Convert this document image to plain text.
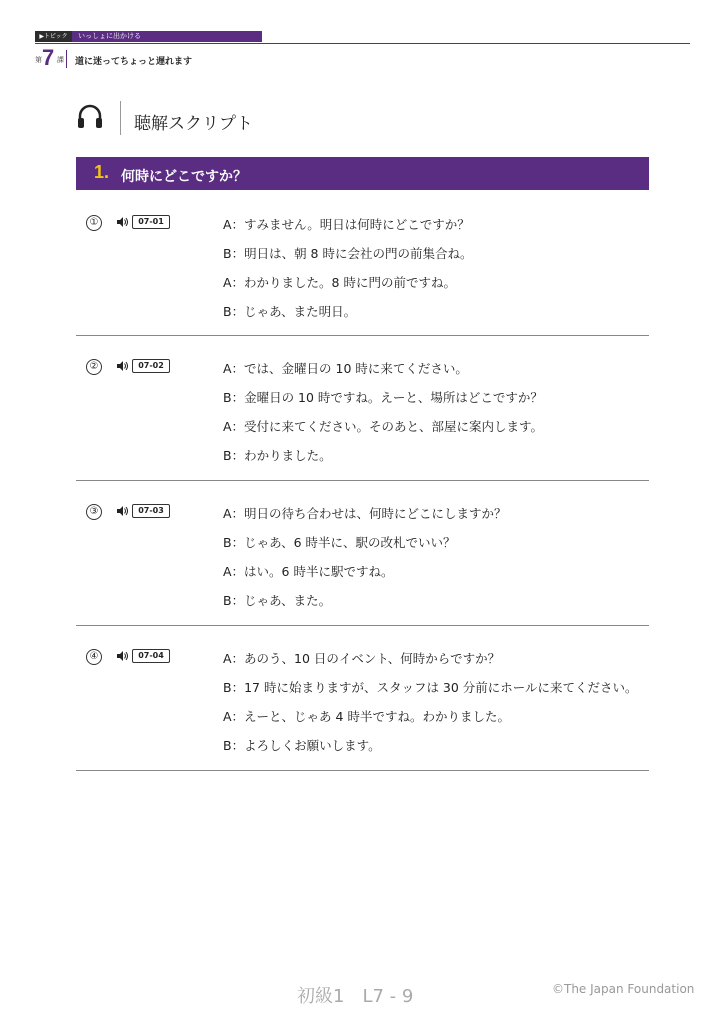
▶トピック	いっしょに出かける
第 7 課 道に迷ってちょっと遅れます
聴解スクリプト
1. 何時にどこですか？
①	07-01	A：すみません。明日は何時にどこですか？
B：明日は、朝 8 時に会社の門の前集合ね。
A：わかりました。8 時に門の前ですね。
B：じゃあ、また明日。
②	07-02	A：では、金曜日の 10 時に来てください。
B：金曜日の 10 時ですね。えーと、場所はどこですか？
A：受付に来てください。そのあと、部屋に案内します。
B：わかりました。
③	07-03	A：明日の待ち合わせは、何時にどこにしますか？
B：じゃあ、6 時半に、駅の改札でいい？
A：はい。6 時半に駅ですね。
B：じゃあ、また。
④	07-04	A：あのう、10 日のイベント、何時からですか？
B：17 時に始まりますが、スタッフは 30 分前にホールに来てください。
A：えーと、じゃあ 4 時半ですね。わかりました。
B：よろしくお願いします。
初級1　L7 - 9	©The Japan Foundation
